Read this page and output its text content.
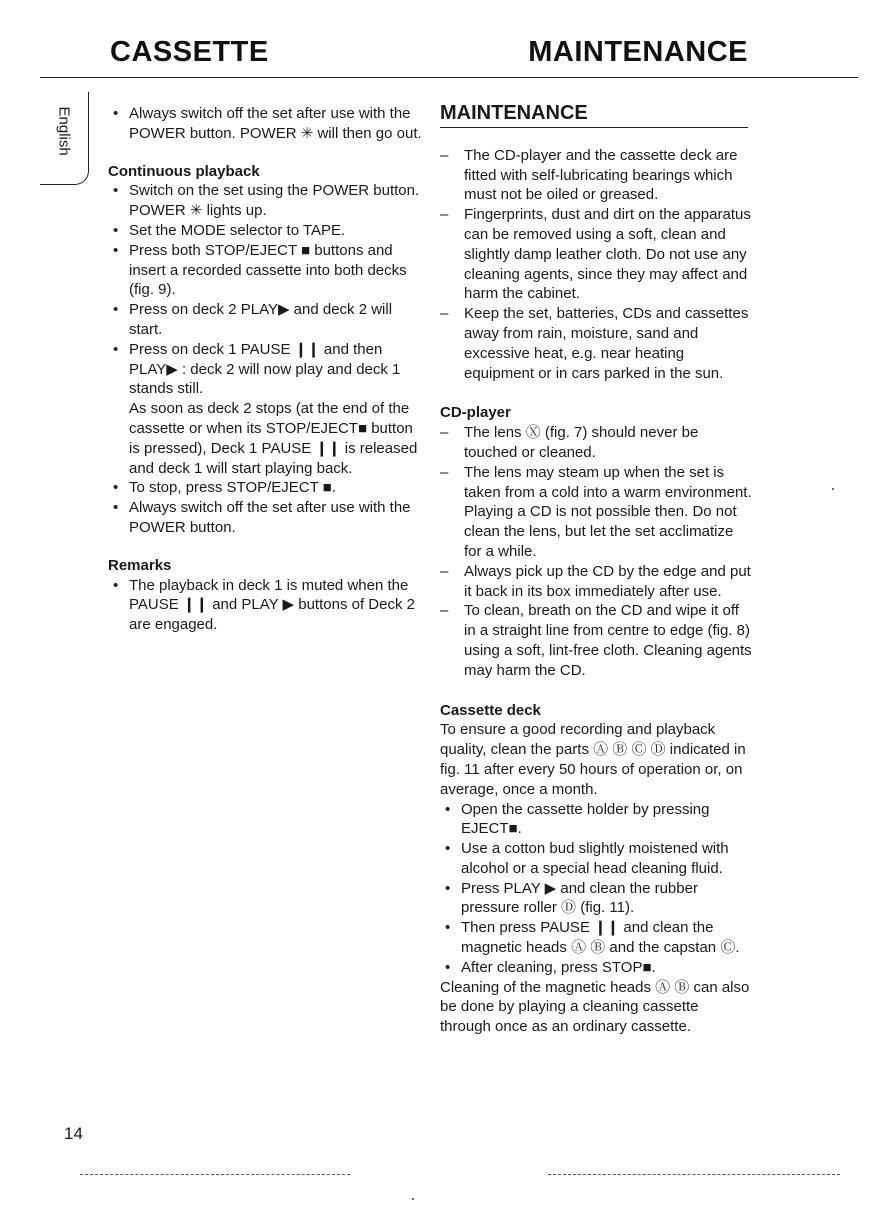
CASSETTE	MAINTENANCE
English
•	Always switch off the set after use with the POWER button. POWER ✳ will then go out.

Continuous playback

• Switch on the set using the POWER button.
POWER ✳ lights up.
• Set the MODE selector to TAPE.
• Press both STOP/EJECT ■ buttons and insert a recorded cassette into both decks (fig. 9).
• Press on deck 2 PLAY▶ and deck 2 will start.
• Press on deck 1 PAUSE ❙❙ and then PLAY▶ : deck 2 will now play and deck 1 stands still.
As soon as deck 2 stops (at the end of the cassette or when its STOP/EJECT■ button is pressed), Deck 1 PAUSE ❙❙ is released and deck 1 will start playing back.
• To stop, press STOP/EJECT ■.
• Always switch off the set after use with the POWER button.

Remarks

• The playback in deck 1 is muted when the PAUSE ❙❙ and PLAY ▶ buttons of Deck 2 are engaged.
MAINTENANCE
– The CD-player and the cassette deck are fitted with self-lubricating bearings which must not be oiled or greased.
– Fingerprints, dust and dirt on the apparatus can be removed using a soft, clean and slightly damp leather cloth. Do not use any cleaning agents, since they may affect and harm the cabinet.
– Keep the set, batteries, CDs and cassettes away from rain, moisture, sand and excessive heat, e.g. near heating equipment or in cars parked in the sun.

CD-player

– The lens Ⓧ (fig. 7) should never be touched or cleaned.
– The lens may steam up when the set is taken from a cold into a warm environment. Playing a CD is not possible then. Do not clean the lens, but let the set acclimatize for a while.
– Always pick up the CD by the edge and put it back in its box immediately after use.
– To clean, breath on the CD and wipe it off in a straight line from centre to edge (fig. 8) using a soft, lint-free cloth. Cleaning agents may harm the CD.

Cassette deck

To ensure a good recording and playback quality, clean the parts Ⓐ Ⓑ Ⓒ Ⓓ indicated in fig. 11 after every 50 hours of operation or, on average, once a month.

• Open the cassette holder by pressing EJECT■.
• Use a cotton bud slightly moistened with alcohol or a special head cleaning fluid.
• Press PLAY ▶ and clean the rubber pressure roller Ⓓ (fig. 11).
• Then press PAUSE ❙❙ and clean the magnetic heads Ⓐ Ⓑ and the capstan Ⓒ.
• After cleaning, press STOP■.

Cleaning of the magnetic heads Ⓐ Ⓑ can also be done by playing a cleaning cassette through once as an ordinary cassette.

14
